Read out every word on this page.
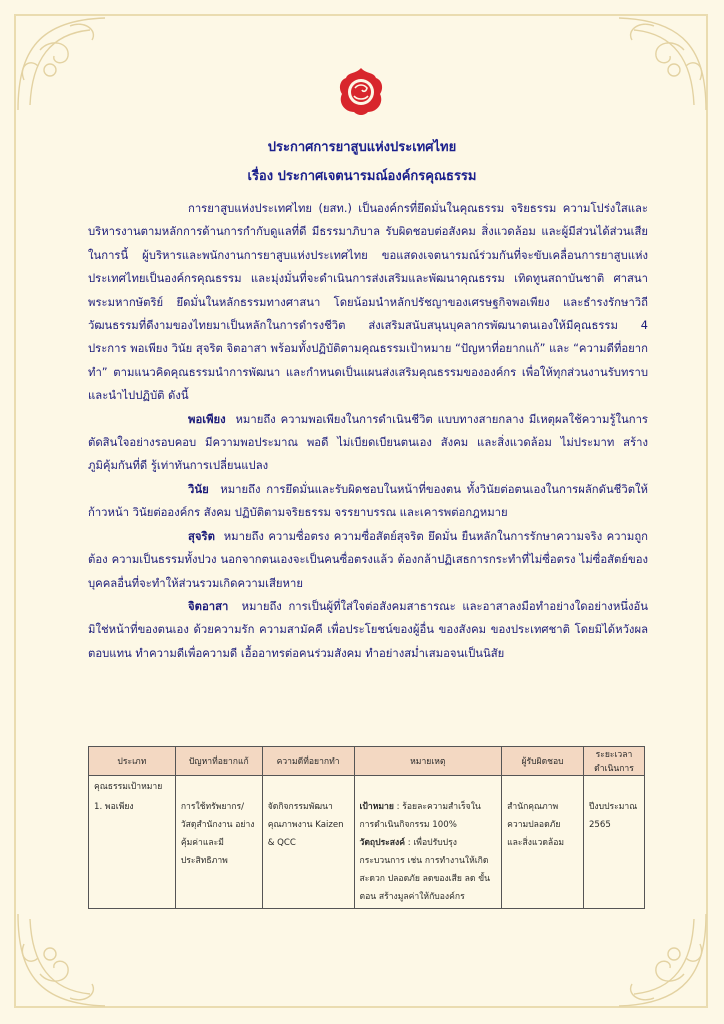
ประกาศการยาสูบแห่งประเทศไทย
เรื่อง ประกาศเจตนารมณ์องค์กรคุณธรรม

การยาสูบแห่งประเทศไทย (ยสท.) เป็นองค์กรที่ยึดมั่นในคุณธรรม จริยธรรม ความโปร่งใสและบริหารงานตามหลักการด้านการกำกับดูแลที่ดี มีธรรมาภิบาล รับผิดชอบต่อสังคม สิ่งแวดล้อม และผู้มีส่วนได้ส่วนเสีย ในการนี้ ผู้บริหารและพนักงานการยาสูบแห่งประเทศไทย ขอแสดงเจตนารมณ์ร่วมกันที่จะขับเคลื่อนการยาสูบแห่งประเทศไทยเป็นองค์กรคุณธรรม และมุ่งมั่นที่จะดำเนินการส่งเสริมและพัฒนาคุณธรรม เทิดทูนสถาบันชาติ ศาสนา พระมหากษัตริย์ ยึดมั่นในหลักธรรมทางศาสนา โดยน้อมนำหลักปรัชญาของเศรษฐกิจพอเพียง และธำรงรักษาวิถีวัฒนธรรมที่ดีงามของไทยมาเป็นหลักในการดำรงชีวิต ส่งเสริมสนับสนุนบุคลากรพัฒนาตนเองให้มีคุณธรรม 4 ประการ พอเพียง วินัย สุจริต จิตอาสา พร้อมทั้งปฏิบัติตามคุณธรรมเป้าหมาย “ปัญหาที่อยากแก้” และ “ความดีที่อยากทำ” ตามแนวคิดคุณธรรมนำการพัฒนา และกำหนดเป็นแผนส่งเสริมคุณธรรมขององค์กร เพื่อให้ทุกส่วนงานรับทราบและนำไปปฏิบัติ ดังนี้

พอเพียง หมายถึง ความพอเพียงในการดำเนินชีวิต แบบทางสายกลาง มีเหตุผลใช้ความรู้ในการตัดสินใจอย่างรอบคอบ มีความพอประมาณ พอดี ไม่เบียดเบียนตนเอง สังคม และสิ่งแวดล้อม ไม่ประมาท สร้างภูมิคุ้มกันที่ดี รู้เท่าทันการเปลี่ยนแปลง

วินัย หมายถึง การยึดมั่นและรับผิดชอบในหน้าที่ของตน ทั้งวินัยต่อตนเองในการผลักดันชีวิตให้ก้าวหน้า วินัยต่อองค์กร สังคม ปฏิบัติตามจริยธรรม จรรยาบรรณ และเคารพต่อกฎหมาย

สุจริต หมายถึง ความซื่อตรง ความซื่อสัตย์สุจริต ยึดมั่น ยืนหลักในการรักษาความจริง ความถูกต้อง ความเป็นธรรมทั้งปวง นอกจากตนเองจะเป็นคนซื่อตรงแล้ว ต้องกล้าปฏิเสธการกระทำที่ไม่ซื่อตรง ไม่ซื่อสัตย์ของบุคคลอื่นที่จะทำให้ส่วนรวมเกิดความเสียหาย

จิตอาสา หมายถึง การเป็นผู้ที่ใส่ใจต่อสังคมสาธารณะ และอาสาลงมือทำอย่างใดอย่างหนึ่งอันมิใช่หน้าที่ของตนเอง ด้วยความรัก ความสามัคคี เพื่อประโยชน์ของผู้อื่น ของสังคม ของประเทศชาติ โดยมิได้หวังผลตอบแทน ทำความดีเพื่อความดี เอื้ออาทรต่อคนร่วมสังคม ทำอย่างสม่ำเสมอจนเป็นนิสัย

ประเภท	ปัญหาที่อยากแก้	ความดีที่อยากทำ	หมายเหตุ	ผู้รับผิดชอบ	ระยะเวลาดำเนินการ
คุณธรรมเป้าหมาย					
1. พอเพียง	การใช้ทรัพยากร/ วัสดุสำนักงาน อย่างคุ้มค่าและมี ประสิทธิภาพ	จัดกิจกรรมพัฒนา คุณภาพงาน Kaizen & QCC	เป้าหมาย : ร้อยละความสำเร็จใน การดำเนินกิจกรรม 100%
วัตถุประสงค์ : เพื่อปรับปรุง กระบวนการ เช่น การทำงานให้เกิด สะดวก ปลอดภัย ลดของเสีย ลด ขั้นตอน สร้างมูลค่าให้กับองค์กร	สำนักคุณภาพ ความปลอดภัย และสิ่งแวดล้อม	ปีงบประมาณ 2565
